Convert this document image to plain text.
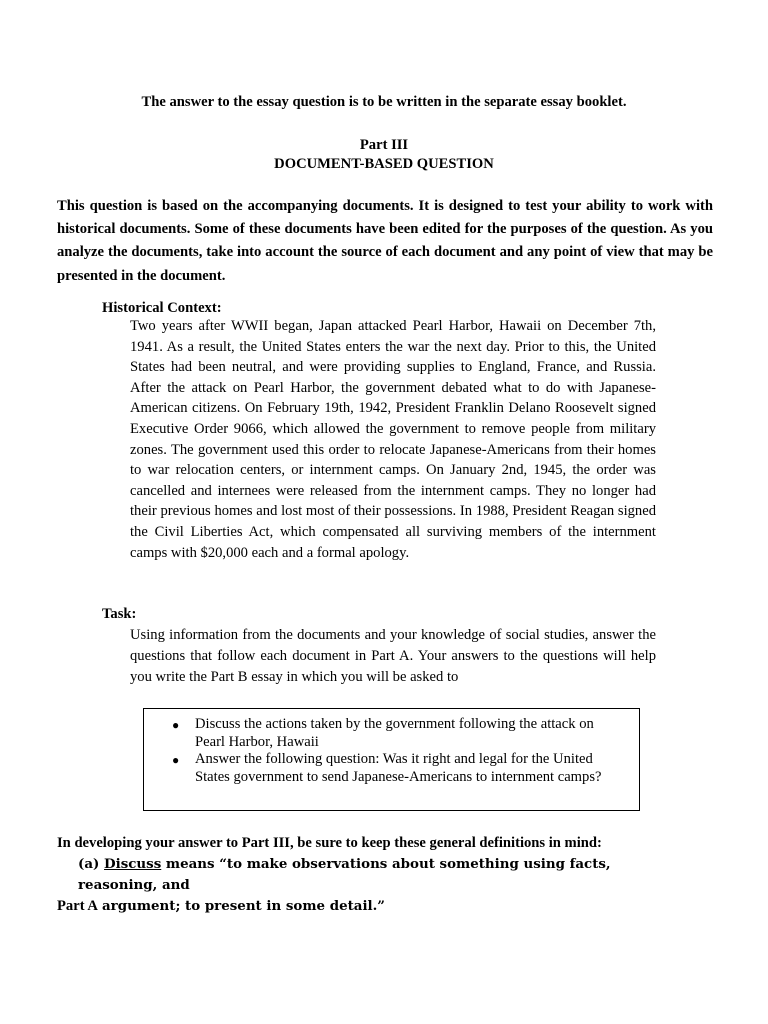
The answer to the essay question is to be written in the separate essay booklet.
Part III
DOCUMENT-BASED QUESTION
This question is based on the accompanying documents. It is designed to test your ability to work with historical documents. Some of these documents have been edited for the purposes of the question. As you analyze the documents, take into account the source of each document and any point of view that may be presented in the document.
Historical Context:
Two years after WWII began, Japan attacked Pearl Harbor, Hawaii on December 7th, 1941. As a result, the United States enters the war the next day. Prior to this, the United States had been neutral, and were providing supplies to England, France, and Russia. After the attack on Pearl Harbor, the government debated what to do with Japanese-American citizens. On February 19th, 1942, President Franklin Delano Roosevelt signed Executive Order 9066, which allowed the government to remove people from military zones. The government used this order to relocate Japanese-Americans from their homes to war relocation centers, or internment camps. On January 2nd, 1945, the order was cancelled and internees were released from the internment camps. They no longer had their previous homes and lost most of their possessions. In 1988, President Reagan signed the Civil Liberties Act, which compensated all surviving members of the internment camps with $20,000 each and a formal apology.
Task:
Using information from the documents and your knowledge of social studies, answer the questions that follow each document in Part A. Your answers to the questions will help you write the Part B essay in which you will be asked to
● Discuss the actions taken by the government following the attack on Pearl Harbor, Hawaii
● Answer the following question: Was it right and legal for the United States government to send Japanese-Americans to internment camps?
In developing your answer to Part III, be sure to keep these general definitions in mind:
(a) Discuss means “to make observations about something using facts, reasoning, and
argument; to present in some detail.”
Part A
